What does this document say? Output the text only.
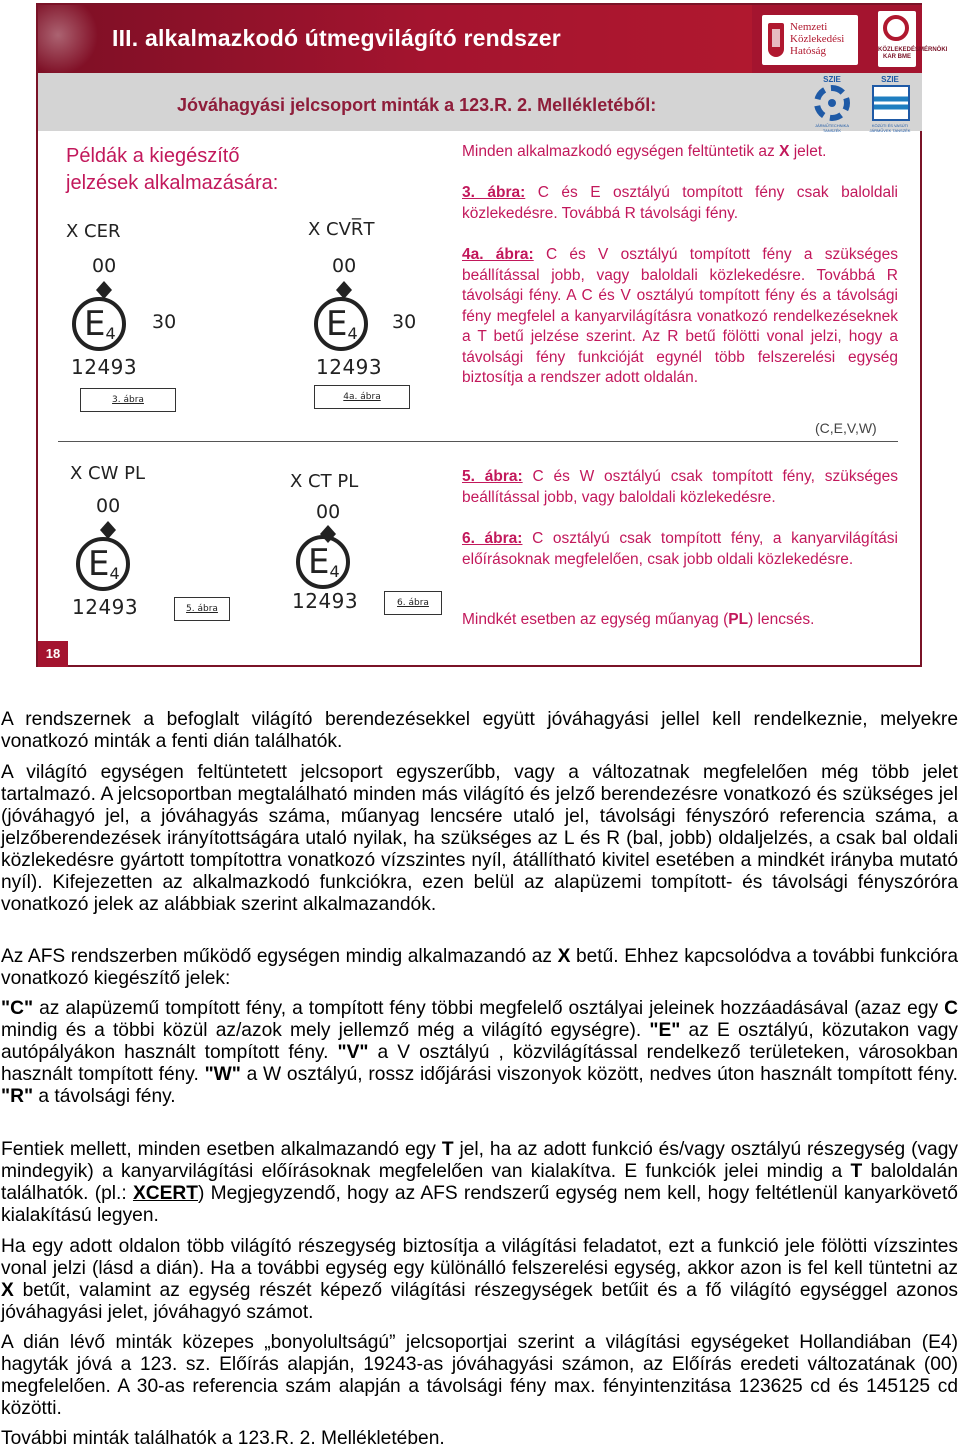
III. alkalmazkodó útmegvilágító rendszer	Nemzeti
Közlekedési
Hatóság	KÖZLEKEDÉSMÉRNÖKI KAR BME
Jóváhagyási jelcsoport minták a 123.R. 2. Mellékletéből:
SZIE
JÁRMŰTECHNIKA TANSZÉK
SZIE
KÖZÚTI ÉS VASÚTI JÁRMŰVEK TANSZÉK
Példák a kiegészítő
jelzések alkalmazására:
Minden alkalmazkodó egységen feltüntetik az X jelet.
3. ábra: C és E osztályú tompított fény csak baloldali közlekedésre. Továbbá R távolsági fény.
4a. ábra: C és V osztályú tompított fény a szükséges beállítással jobb, vagy baloldali közlekedésre. Továbbá R távolsági fény. A C és V osztályú tompított fény és a távolsági fény megfelel a kanyarvilágításra vonatkozó rendelkezéseknek a T betű jelzése szerint. Az R betű fölötti vonal jelzi, hogy a távolsági fény funkcióját egynél több felszerelési egység biztosítja a rendszer adott oldalán.
(C,E,V,W)
5. ábra: C és W osztályú csak tompított fény, szükséges beállítással jobb, vagy baloldali közlekedésre.
6. ábra: C osztályú csak tompított fény, a kanyarvilágítási előírásoknak megfelelően, csak jobb oldali közlekedésre.
Mindkét esetben az egység műanyag (PL) lencsés.
X CER
00
$E_4$
30
12493
3. ábra
X CVR̅T
00
$E_4$
30
12493
4a. ábra
X CW PL
00
$E_4$
12493	5. ábra
X CT PL
00
$E_4$
12493	6. ábra
18

A rendszernek a befoglalt világító berendezésekkel együtt jóváhagyási jellel kell rendelkeznie, melyekre vonatkozó minták a fenti dián találhatók.

A világító egységen feltüntetett jelcsoport egyszerűbb, vagy a változatnak megfelelően még több jelet tartalmazó. A jelcsoportban megtalálható minden más világító és jelző berendezésre vonatkozó és szükséges jel (jóváhagyó jel, a jóváhagyás száma, műanyag lencsére utaló jel, távolsági fényszóró referencia száma, a jelzőberendezések irányítottságára utaló nyilak, ha szükséges az L és R (bal, jobb) oldaljelzés, a csak bal oldali közlekedésre gyártott tompítottra vonatkozó vízszintes nyíl, átállítható kivitel esetében a mindkét irányba mutató nyíl). Kifejezetten az alkalmazkodó funkciókra, ezen belül az alapüzemi tompított- és távolsági fényszóróra vonatkozó jelek az alábbiak szerint alkalmazandók.

Az AFS rendszerben működő egységen mindig alkalmazandó az X betű. Ehhez kapcsolódva a további funkcióra vonatkozó kiegészítő jelek:

"C" az alapüzemű tompított fény, a tompított fény többi megfelelő osztályai jeleinek hozzáadásával (azaz egy C mindig és a többi közül az/azok mely jellemző még a világító egységre). "E" az E osztályú, közutakon vagy autópályákon használt tompított fény. "V" a V osztályú , közvilágítással rendelkező területeken, városokban használt tompított fény. "W" a W osztályú, rossz időjárási viszonyok között, nedves úton használt tompított fény. "R" a távolsági fény.

Fentiek mellett, minden esetben alkalmazandó egy T jel, ha az adott funkció és/vagy osztályú részegység (vagy mindegyik) a kanyarvilágítási előírásoknak megfelelően van kialakítva. E funkciók jelei mindig a T baloldalán találhatók. (pl.: XCERT) Megjegyzendő, hogy az AFS rendszerű egység nem kell, hogy feltétlenül kanyarkövető kialakítású legyen.

Ha egy adott oldalon több világító részegység biztosítja a világítási feladatot, ezt a funkció jele fölötti vízszintes vonal jelzi (lásd a dián). Ha a további egység egy különálló felszerelési egység, akkor azon is fel kell tüntetni az X betűt, valamint az egység részét képező világítási részegységek betűit és a fő világító egységgel azonos jóváhagyási jelet, jóváhagyó számot.

A dián lévő minták közepes „bonyolultságú” jelcsoportjai szerint a világítási egységeket Hollandiában (E4) hagyták jóvá a 123. sz. Előírás alapján, 19243-as jóváhagyási számon, az Előírás eredeti változatának (00) megfelelően. A 30-as referencia szám alapján a távolsági fény max. fényintenzitása 123625 cd és 145125 cd közötti.

További minták találhatók a 123.R. 2. Mellékletében.
